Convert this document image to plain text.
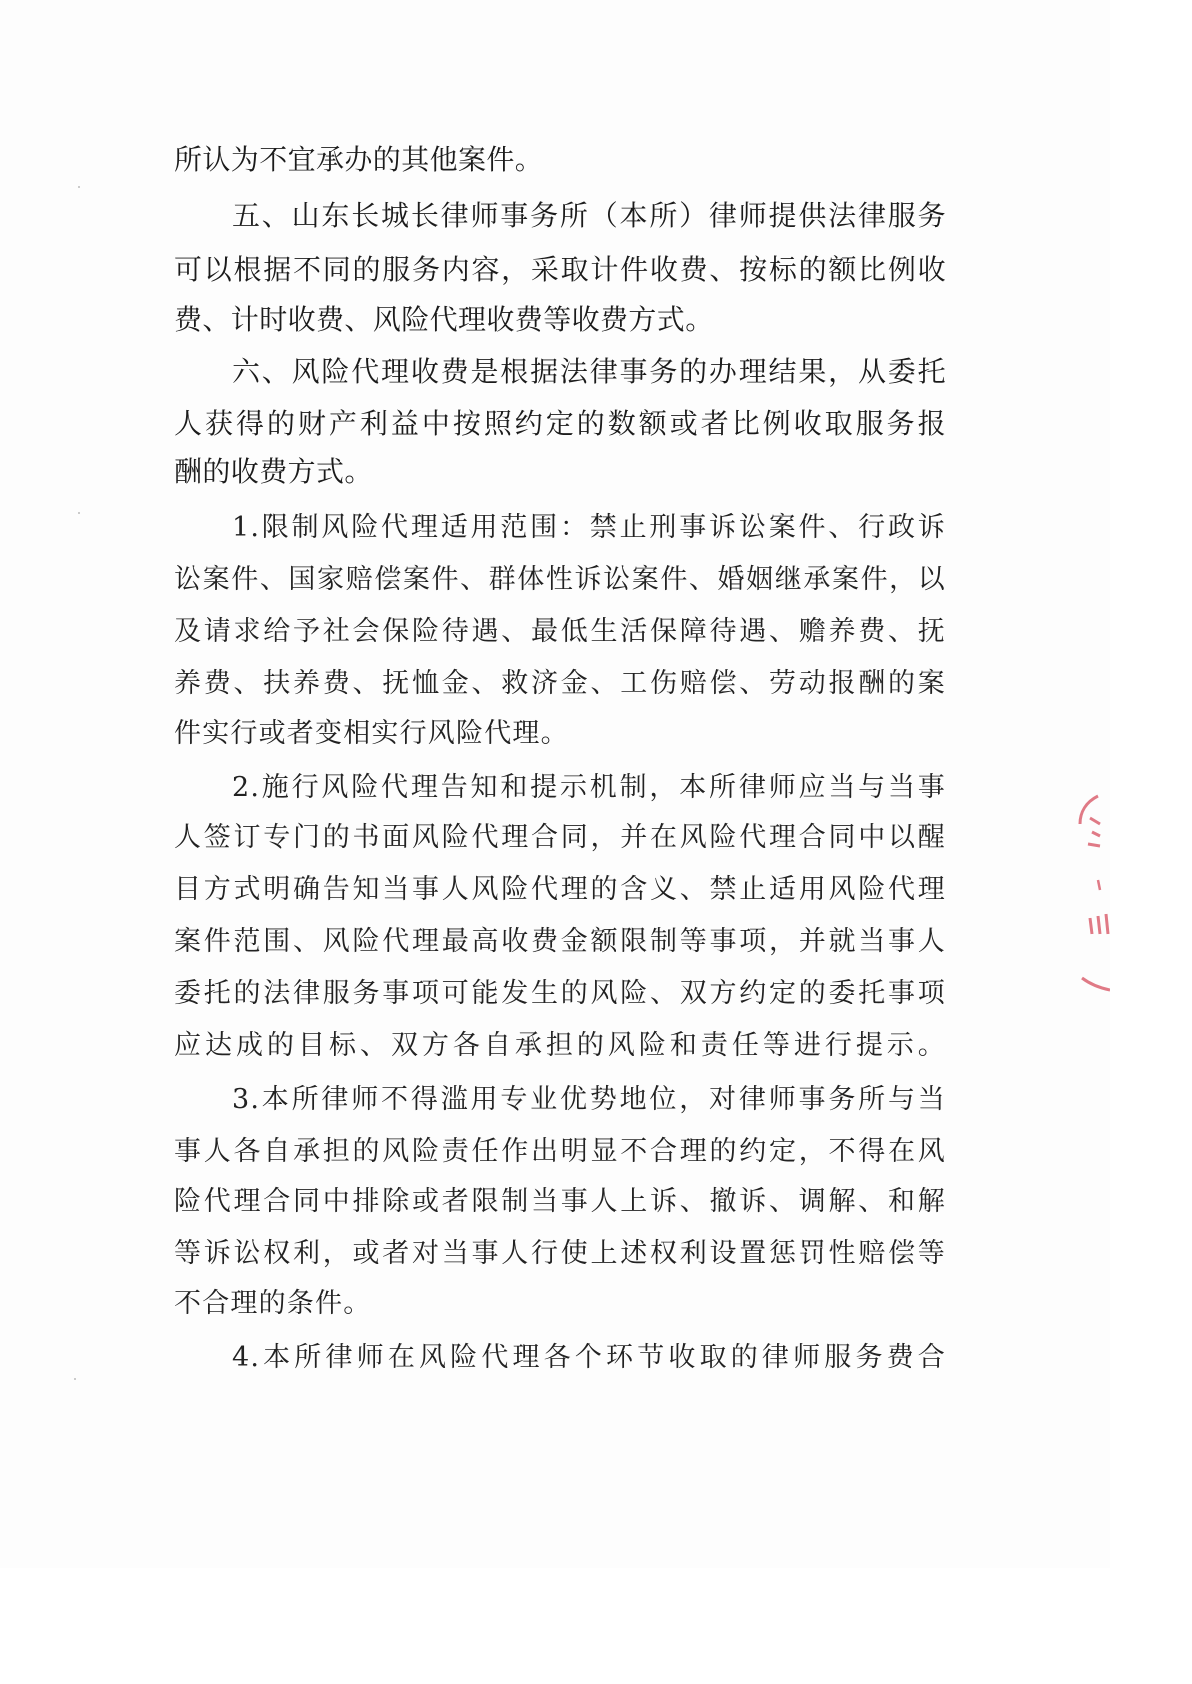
所认为不宜承办的其他案件。
五、山东长城长律师事务所（本所）律师提供法律服务
可以根据不同的服务内容，采取计件收费、按标的额比例收
费、计时收费、风险代理收费等收费方式。
六、风险代理收费是根据法律事务的办理结果，从委托
人获得的财产利益中按照约定的数额或者比例收取服务报
酬的收费方式。
1.限制风险代理适用范围：禁止刑事诉讼案件、行政诉
讼案件、国家赔偿案件、群体性诉讼案件、婚姻继承案件，以
及请求给予社会保险待遇、最低生活保障待遇、赡养费、抚
养费、扶养费、抚恤金、救济金、工伤赔偿、劳动报酬的案
件实行或者变相实行风险代理。
2.施行风险代理告知和提示机制，本所律师应当与当事
人签订专门的书面风险代理合同，并在风险代理合同中以醒
目方式明确告知当事人风险代理的含义、禁止适用风险代理
案件范围、风险代理最高收费金额限制等事项，并就当事人
委托的法律服务事项可能发生的风险、双方约定的委托事项
应达成的目标、双方各自承担的风险和责任等进行提示。
3.本所律师不得滥用专业优势地位，对律师事务所与当
事人各自承担的风险责任作出明显不合理的约定，不得在风
险代理合同中排除或者限制当事人上诉、撤诉、调解、和解
等诉讼权利，或者对当事人行使上述权利设置惩罚性赔偿等
不合理的条件。
4.本所律师在风险代理各个环节收取的律师服务费合
